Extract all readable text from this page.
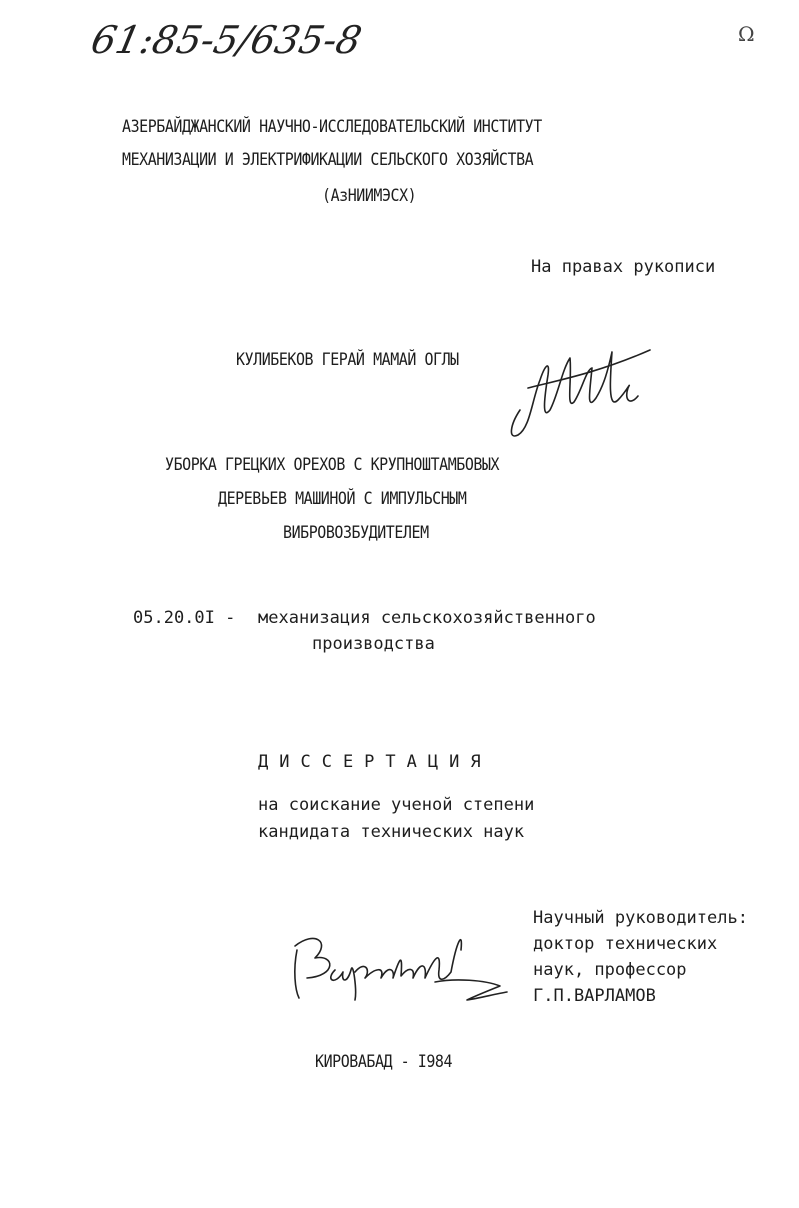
61:85-5/635-8	Ω
АЗЕРБАЙДЖАНСКИЙ НАУЧНО-ИССЛЕДОВАТЕЛЬСКИЙ ИНСТИТУТ
МЕХАНИЗАЦИИ И ЭЛЕКТРИФИКАЦИИ СЕЛЬСКОГО ХОЗЯЙСТВА
(АзНИИМЭСХ)
На правах рукописи
КУЛИБЕКОВ ГЕРАЙ МАМАЙ ОГЛЫ
УБОРКА ГРЕЦКИХ ОРЕХОВ С КРУПНОШТАМБОВЫХ
ДЕРЕВЬЕВ МАШИНОЙ С ИМПУЛЬСНЫМ
ВИБРОВОЗБУДИТЕЛЕМ
05.20.0I - механизация сельскохозяйственного
производства
ДИССЕРТАЦИЯ
на соискание ученой степени
кандидата технических наук
Научный руководитель:
доктор технических
наук, профессор
Г.П.ВАРЛАМОВ
КИРОВАБАД - I984
